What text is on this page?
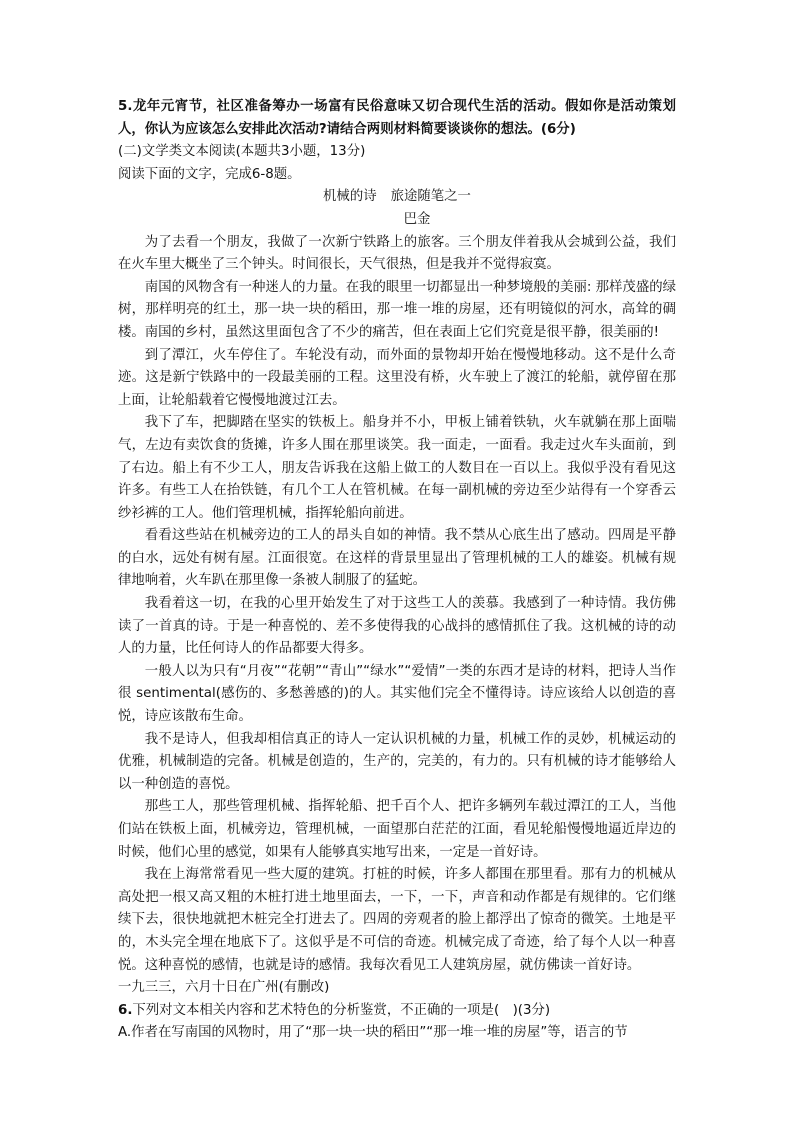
5.龙年元宵节，社区准备筹办一场富有民俗意味又切合现代生活的活动。假如你是活动策划人，你认为应该怎么安排此次活动?请结合两则材料简要谈谈你的想法。(6分)

(二)文学类文本阅读(本题共3小题，13分)

阅读下面的文字，完成6-8题。

机械的诗 旅途随笔之一

巴金

为了去看一个朋友，我做了一次新宁铁路上的旅客。三个朋友伴着我从会城到公益，我们在火车里大概坐了三个钟头。时间很长，天气很热，但是我并不觉得寂寞。

南国的风物含有一种迷人的力量。在我的眼里一切都显出一种梦境般的美丽: 那样茂盛的绿树，那样明亮的红土，那一块一块的稻田，那一堆一堆的房屋，还有明镜似的河水，高耸的碉楼。南国的乡村，虽然这里面包含了不少的痛苦，但在表面上它们究竟是很平静，很美丽的!

到了潭江，火车停住了。车轮没有动，而外面的景物却开始在慢慢地移动。这不是什么奇迹。这是新宁铁路中的一段最美丽的工程。这里没有桥，火车驶上了渡江的轮船，就停留在那上面，让轮船载着它慢慢地渡过江去。

我下了车，把脚踏在坚实的铁板上。船身并不小，甲板上铺着铁轨，火车就躺在那上面喘气，左边有卖饮食的货摊，许多人围在那里谈笑。我一面走，一面看。我走过火车头面前，到了右边。船上有不少工人，朋友告诉我在这船上做工的人数目在一百以上。我似乎没有看见这许多。有些工人在抬铁链，有几个工人在管机械。在每一副机械的旁边至少站得有一个穿香云纱衫裤的工人。他们管理机械，指挥轮船向前进。

看看这些站在机械旁边的工人的昂头自如的神情。我不禁从心底生出了感动。四周是平静的白水，远处有树有屋。江面很宽。在这样的背景里显出了管理机械的工人的雄姿。机械有规律地响着，火车趴在那里像一条被人制服了的猛蛇。

我看着这一切，在我的心里开始发生了对于这些工人的羡慕。我感到了一种诗情。我仿佛读了一首真的诗。于是一种喜悦的、差不多使得我的心战抖的感情抓住了我。这机械的诗的动人的力量，比任何诗人的作品都要大得多。

一般人以为只有“月夜”“花朝”“青山”“绿水”“爱情”一类的东西才是诗的材料，把诗人当作很 sentimental(感伤的、多愁善感的)的人。其实他们完全不懂得诗。诗应该给人以创造的喜悦，诗应该散布生命。

我不是诗人，但我却相信真正的诗人一定认识机械的力量，机械工作的灵妙，机械运动的优雅，机械制造的完备。机械是创造的，生产的，完美的，有力的。只有机械的诗才能够给人以一种创造的喜悦。

那些工人，那些管理机械、指挥轮船、把千百个人、把许多辆列车载过潭江的工人，当他们站在铁板上面，机械旁边，管理机械，一面望那白茫茫的江面，看见轮船慢慢地逼近岸边的时候，他们心里的感觉，如果有人能够真实地写出来，一定是一首好诗。

我在上海常常看见一些大厦的建筑。打桩的时候，许多人都围在那里看。那有力的机械从高处把一根又高又粗的木桩打进土地里面去，一下，一下，声音和动作都是有规律的。它们继续下去，很快地就把木桩完全打进去了。四周的旁观者的脸上都浮出了惊奇的微笑。土地是平的，木头完全埋在地底下了。这似乎是不可信的奇迹。机械完成了奇迹，给了每个人以一种喜悦。这种喜悦的感情，也就是诗的感情。我每次看见工人建筑房屋，就仿佛读一首好诗。

一九三三，六月十日在广州(有删改)

6.下列对文本相关内容和艺术特色的分析鉴赏，不正确的一项是(　)(3分)

A.作者在写南国的风物时，用了“那一块一块的稻田”“那一堆一堆的房屋”等，语言的节
